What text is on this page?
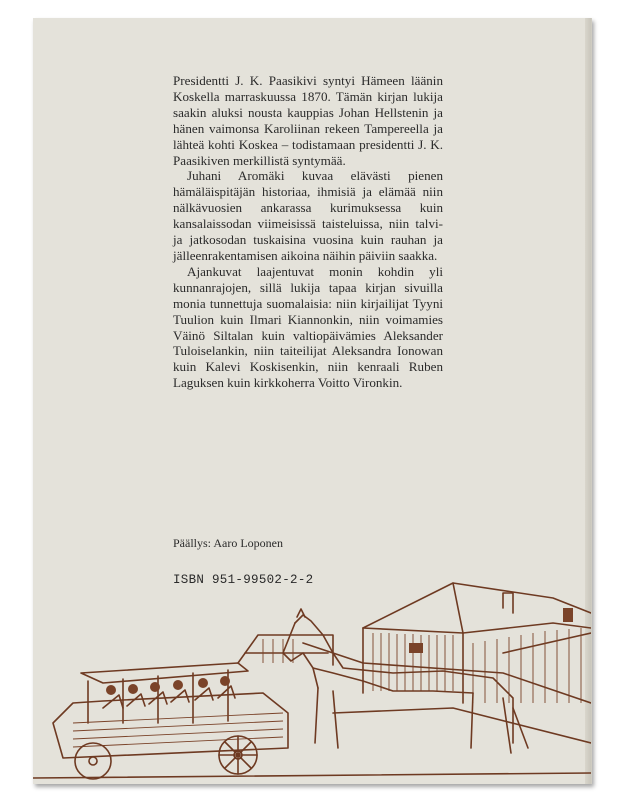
Presidentti J. K. Paasikivi syntyi Hämeen läänin Koskella marraskuussa 1870. Tämän kirjan lukija saakin aluksi nousta kauppias Johan Hellstenin ja hänen vaimonsa Karoliinan rekeen Tampereella ja lähteä kohti Koskea – todistamaan presidentti J. K. Paasikiven merkillistä syntymää.

Juhani Aromäki kuvaa elävästi pienen hämäläispitäjän historiaa, ihmisiä ja elämää niin nälkävuosien ankarassa kurimuksessa kuin kansalaissodan viimeisissä taisteluissa, niin talvi- ja jatkosodan tuskaisina vuosina kuin rauhan ja jälleenrakentamisen aikoina näihin päiviin saakka.

Ajankuvat laajentuvat monin kohdin yli kunnanrajojen, sillä lukija tapaa kirjan sivuilla monia tunnettuja suomalaisia: niin kirjailijat Tyyni Tuulion kuin Ilmari Kiannonkin, niin voimamies Väinö Siltalan kuin valtiopäivämies Aleksander Tuloiselankin, niin taiteilijat Aleksandra Ionowan kuin Kalevi Koskisenkin, niin kenraali Ruben Laguksen kuin kirkkoherra Voitto Vironkin.

Päällys: Aaro Loponen
ISBN 951-99502-2-2
